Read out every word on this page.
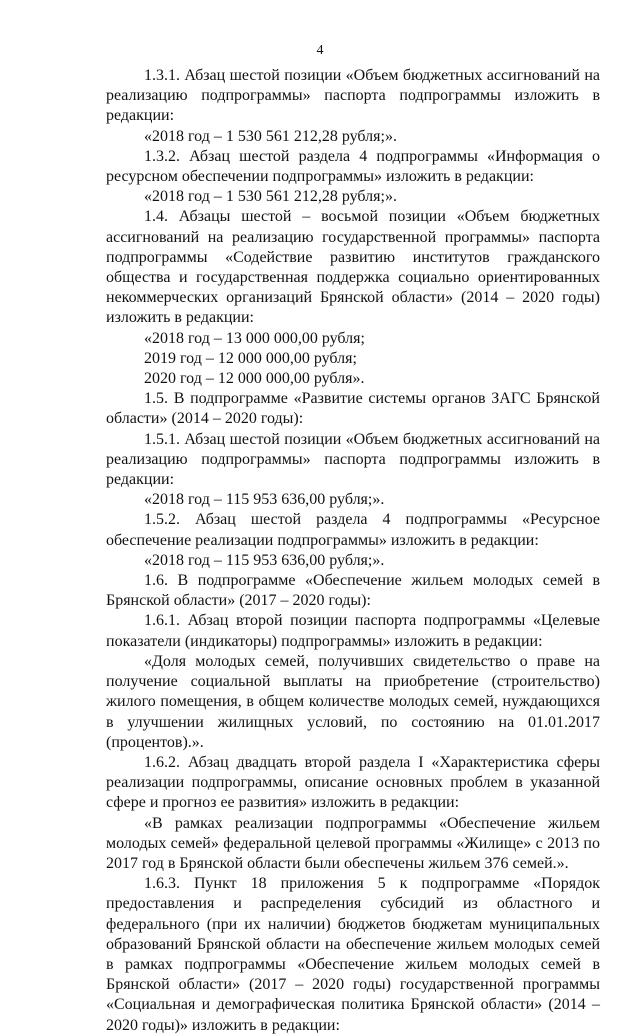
4

1.3.1. Абзац шестой позиции «Объем бюджетных ассигнований на реализацию подпрограммы» паспорта подпрограммы изложить в редакции:

«2018 год – 1 530 561 212,28 рубля;».

1.3.2. Абзац шестой раздела 4 подпрограммы «Информация о ресурсном обеспечении подпрограммы» изложить в редакции:

«2018 год – 1 530 561 212,28 рубля;».

1.4. Абзацы шестой – восьмой позиции «Объем бюджетных ассигнований на реализацию государственной программы» паспорта подпрограммы «Содействие развитию институтов гражданского общества и государственная поддержка социально ориентированных некоммерческих организаций Брянской области» (2014 – 2020 годы) изложить в редакции:

«2018 год – 13 000 000,00 рубля;

2019 год – 12 000 000,00 рубля;

2020 год – 12 000 000,00 рубля».

1.5. В подпрограмме «Развитие системы органов ЗАГС Брянской области» (2014 – 2020 годы):

1.5.1. Абзац шестой позиции «Объем бюджетных ассигнований на реализацию подпрограммы» паспорта подпрограммы изложить в редакции:

«2018 год – 115 953 636,00 рубля;».

1.5.2. Абзац шестой раздела 4 подпрограммы «Ресурсное обеспечение реализации подпрограммы» изложить в редакции:

«2018 год – 115 953 636,00 рубля;».

1.6. В подпрограмме «Обеспечение жильем молодых семей в Брянской области» (2017 – 2020 годы):

1.6.1. Абзац второй позиции паспорта подпрограммы «Целевые показатели (индикаторы) подпрограммы» изложить в редакции:

«Доля молодых семей, получивших свидетельство о праве на получение социальной выплаты на приобретение (строительство) жилого помещения, в общем количестве молодых семей, нуждающихся в улучшении жилищных условий, по состоянию на 01.01.2017 (процентов).».

1.6.2. Абзац двадцать второй раздела I «Характеристика сферы реализации подпрограммы, описание основных проблем в указанной сфере и прогноз ее развития» изложить в редакции:

«В рамках реализации подпрограммы «Обеспечение жильем молодых семей» федеральной целевой программы «Жилище» с 2013 по 2017 год в Брянской области были обеспечены жильем 376 семей.».

1.6.3. Пункт 18 приложения 5 к подпрограмме «Порядок предоставления и распределения субсидий из областного и федерального (при их наличии) бюджетов бюджетам муниципальных образований Брянской области на обеспечение жильем молодых семей в рамках подпрограммы «Обеспечение жильем молодых семей в Брянской области» (2017 – 2020 годы) государственной программы «Социальная и демографическая политика Брянской области» (2014 – 2020 годы)» изложить в редакции:
